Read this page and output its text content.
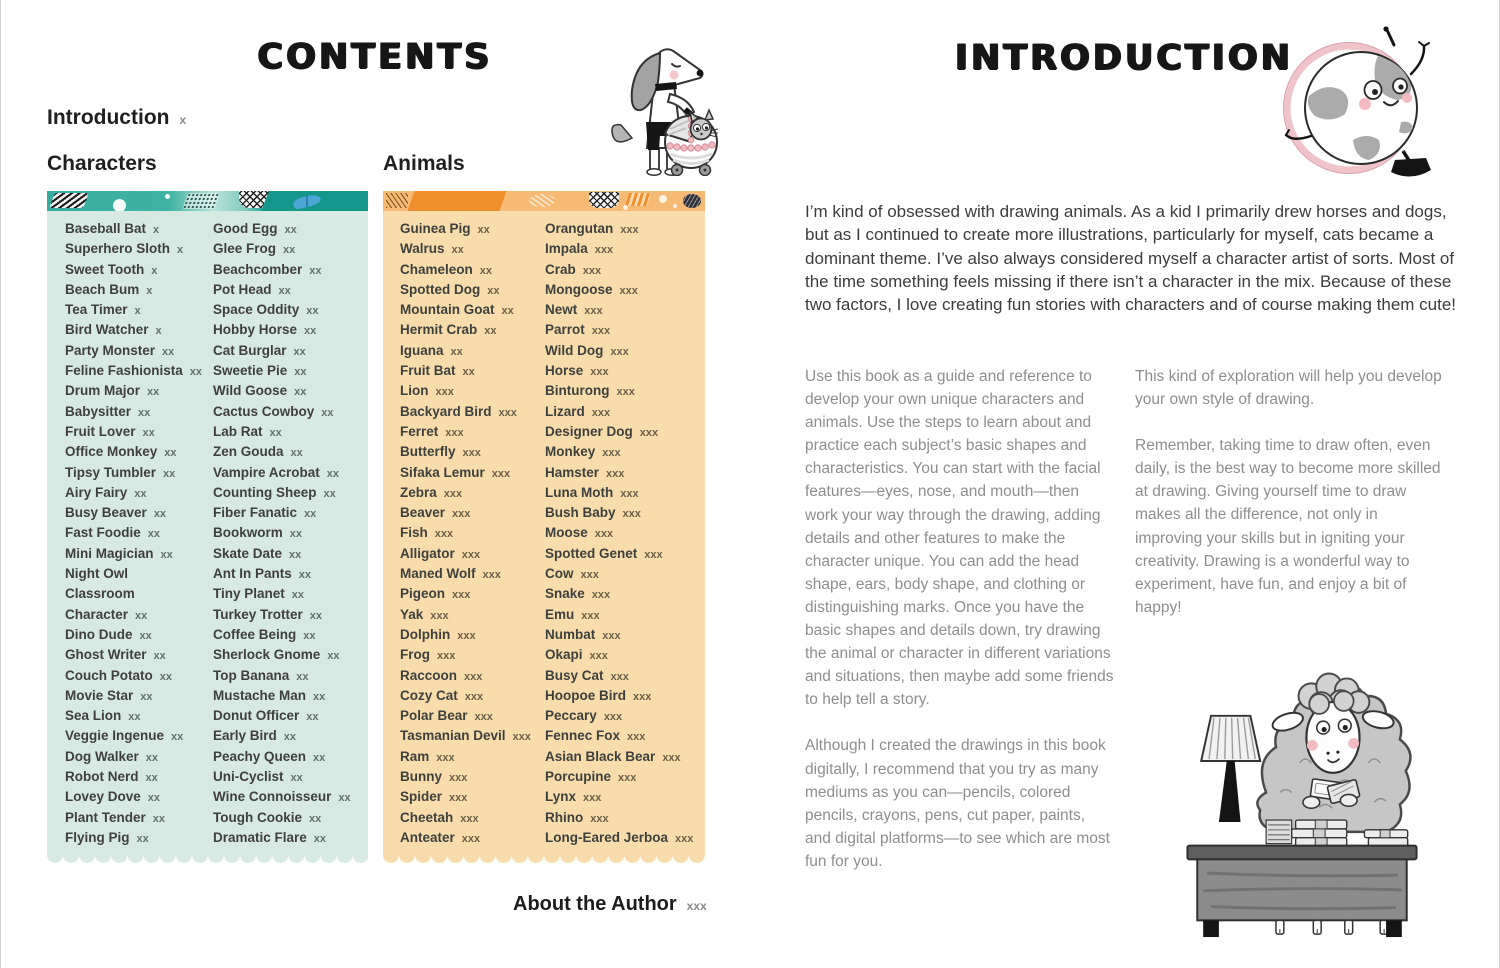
CONTENTS
Introduction x
Characters	Animals
Baseball Bat x
Superhero Sloth x
Sweet Tooth x
Beach Bum x
Tea Timer x
Bird Watcher x
Party Monster xx
Feline Fashionista xx
Drum Major xx
Babysitter xx
Fruit Lover xx
Office Monkey xx
Tipsy Tumbler xx
Airy Fairy xx
Busy Beaver xx
Fast Foodie xx
Mini Magician xx
Night Owl
Classroom
Character xx
Dino Dude xx
Ghost Writer xx
Couch Potato xx
Movie Star xx
Sea Lion xx
Veggie Ingenue xx
Dog Walker xx
Robot Nerd xx
Lovey Dove xx
Plant Tender xx
Flying Pig xx
Good Egg xx
Glee Frog xx
Beachcomber xx
Pot Head xx
Space Oddity xx
Hobby Horse xx
Cat Burglar xx
Sweetie Pie xx
Wild Goose xx
Cactus Cowboy xx
Lab Rat xx
Zen Gouda xx
Vampire Acrobat xx
Counting Sheep xx
Fiber Fanatic xx
Bookworm xx
Skate Date xx
Ant In Pants xx
Tiny Planet xx
Turkey Trotter xx
Coffee Being xx
Sherlock Gnome xx
Top Banana xx
Mustache Man xx
Donut Officer xx
Early Bird xx
Peachy Queen xx
Uni-Cyclist xx
Wine Connoisseur xx
Tough Cookie xx
Dramatic Flare xx
Guinea Pig xx
Walrus xx
Chameleon xx
Spotted Dog xx
Mountain Goat xx
Hermit Crab xx
Iguana xx
Fruit Bat xx
Lion xxx
Backyard Bird xxx
Ferret xxx
Butterfly xxx
Sifaka Lemur xxx
Zebra xxx
Beaver xxx
Fish xxx
Alligator xxx
Maned Wolf xxx
Pigeon xxx
Yak xxx
Dolphin xxx
Frog xxx
Raccoon xxx
Cozy Cat xxx
Polar Bear xxx
Tasmanian Devil xxx
Ram xxx
Bunny xxx
Spider xxx
Cheetah xxx
Anteater xxx
Orangutan xxx
Impala xxx
Crab xxx
Mongoose xxx
Newt xxx
Parrot xxx
Wild Dog xxx
Horse xxx
Binturong xxx
Lizard xxx
Designer Dog xxx
Monkey xxx
Hamster xxx
Luna Moth xxx
Bush Baby xxx
Moose xxx
Spotted Genet xxx
Cow xxx
Snake xxx
Emu xxx
Numbat xxx
Okapi xxx
Busy Cat xxx
Hoopoe Bird xxx
Peccary xxx
Fennec Fox xxx
Asian Black Bear xxx
Porcupine xxx
Lynx xxx
Rhino xxx
Long-Eared Jerboa xxx
About the Author xxx
INTRODUCTION

I’m kind of obsessed with drawing animals. As a kid I primarily drew horses and dogs, but as I continued to create more illustrations, particularly for myself, cats became a dominant theme. I’ve also always considered myself a character artist of sorts. Most of the time something feels missing if there isn’t a character in the mix. Because of these two factors, I love creating fun stories with characters and of course making them cute!

Use this book as a guide and reference to develop your own unique characters and animals. Use the steps to learn about and practice each subject’s basic shapes and characteristics. You can start with the facial features—eyes, nose, and mouth—then work your way through the drawing, adding details and other features to make the character unique. You can add the head shape, ears, body shape, and clothing or distinguishing marks. Once you have the basic shapes and details down, try drawing the animal or character in different variations and situations, then maybe add some friends to help tell a story.

Although I created the drawings in this book digitally, I recommend that you try as many mediums as you can—pencils, colored pencils, crayons, pens, cut paper, paints, and digital platforms—to see which are most fun for you.

This kind of exploration will help you develop your own style of drawing.

Remember, taking time to draw often, even daily, is the best way to become more skilled at drawing. Giving yourself time to draw makes all the difference, not only in improving your skills but in igniting your creativity. Drawing is a wonderful way to experiment, have fun, and enjoy a bit of happy!
